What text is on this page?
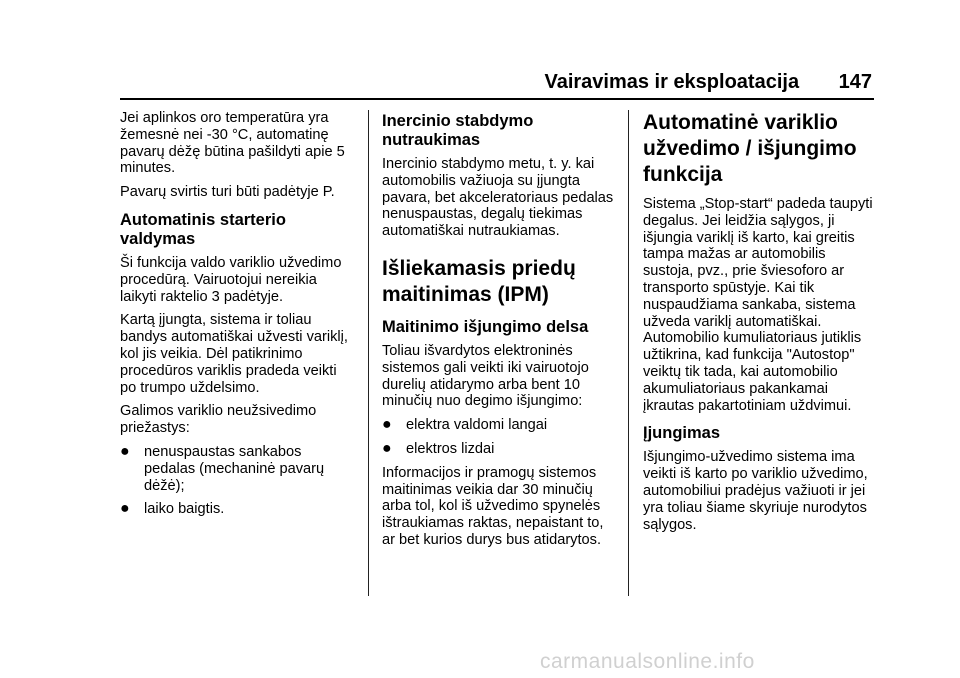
Vairavimas ir eksploatacija 147

Jei aplinkos oro temperatūra yra žemesnė nei -30 °C, automatinę pavarų dėžę būtina pašildyti apie 5 minutes.

Pavarų svirtis turi būti padėtyje P.

Automatinis starterio valdymas

Ši funkcija valdo variklio užvedimo procedūrą. Vairuotojui nereikia laikyti raktelio 3 padėtyje.

Kartą įjungta, sistema ir toliau bandys automatiškai užvesti variklį, kol jis veikia. Dėl patikrinimo procedūros variklis pradeda veikti po trumpo uždelsimo.

Galimos variklio neužsivedimo priežastys:

● nenuspaustas sankabos pedalas (mechaninė pavarų dėžė);
● laiko baigtis.
Inercinio stabdymo nutraukimas

Inercinio stabdymo metu, t. y. kai automobilis važiuoja su įjungta pavara, bet akceleratoriaus pedalas nenuspaustas, degalų tiekimas automatiškai nutraukiamas.

Išliekamasis priedų maitinimas (IPM)
Maitinimo išjungimo delsa

Toliau išvardytos elektroninės sistemos gali veikti iki vairuotojo durelių atidarymo arba bent 10 minučių nuo degimo išjungimo:

● elektra valdomi langai
● elektros lizdai

Informacijos ir pramogų sistemos maitinimas veikia dar 30 minučių arba tol, kol iš užvedimo spynelės ištraukiamas raktas, nepaistant to, ar bet kurios durys bus atidarytos.

Automatinė variklio užvedimo / išjungimo funkcija

Sistema „Stop-start“ padeda taupyti degalus. Jei leidžia sąlygos, ji išjungia variklį iš karto, kai greitis tampa mažas ar automobilis sustoja, pvz., prie šviesoforo ar transporto spūstyje. Kai tik nuspaudžiama sankaba, sistema užveda variklį automatiškai. Automobilio kumuliatoriaus jutiklis užtikrina, kad funkcija "Autostop" veiktų tik tada, kai automobilio akumuliatoriaus pakankamai įkrautas pakartotiniam uždvimui.

Įjungimas

Išjungimo-užvedimo sistema ima veikti iš karto po variklio užvedimo, automobiliui pradėjus važiuoti ir jei yra toliau šiame skyriuje nurodytos sąlygos.

carmanualsonline.info
